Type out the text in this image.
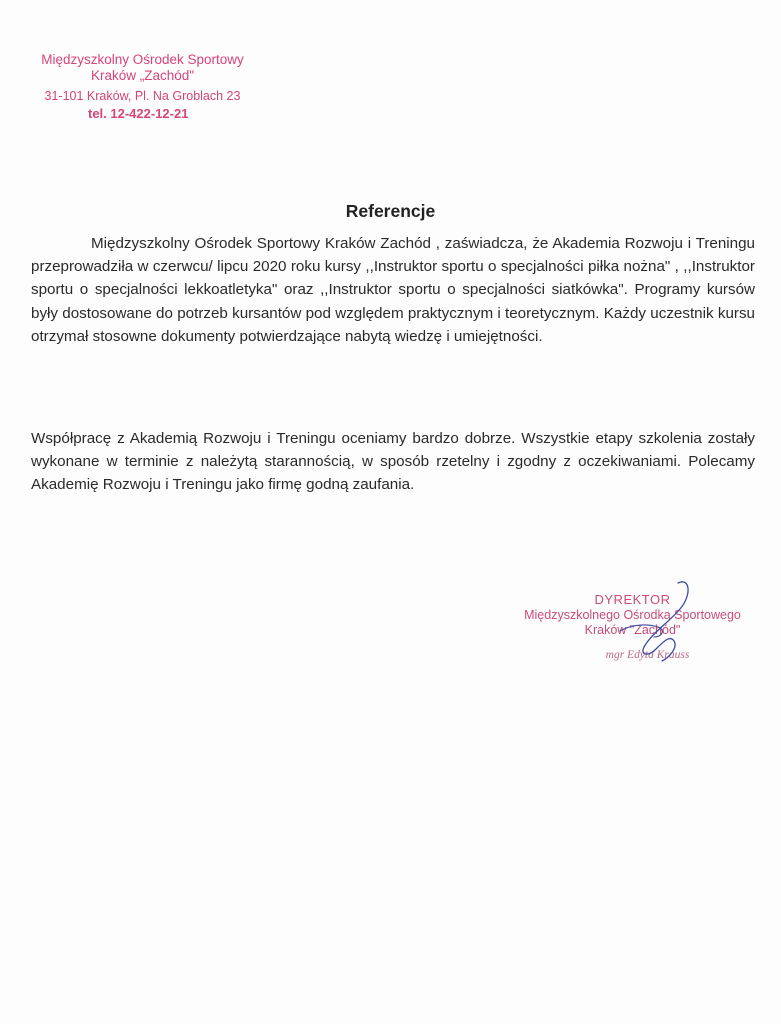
Międzyszkolny Ośrodek Sportowy
Kraków „Zachód"
31-101 Kraków, Pl. Na Groblach 23
tel. 12-422-12-21
Referencje
Międzyszkolny Ośrodek Sportowy Kraków Zachód , zaświadcza, że Akademia Rozwoju i Treningu przeprowadziła w czerwcu/ lipcu 2020 roku kursy ,,Instruktor sportu o specjalności piłka nożna" , ,,Instruktor sportu o specjalności lekkoatletyka" oraz ,,Instruktor sportu o specjalności siatkówka". Programy kursów były dostosowane do potrzeb kursantów pod względem praktycznym i teoretycznym. Każdy uczestnik kursu otrzymał stosowne dokumenty potwierdzające nabytą wiedzę i umiejętności.
Współpracę z Akademią Rozwoju i Treningu oceniamy bardzo dobrze. Wszystkie etapy szkolenia zostały wykonane w terminie z należytą starannością, w sposób rzetelny i zgodny z oczekiwaniami. Polecamy Akademię Rozwoju i Treningu jako firmę godną zaufania.
DYREKTOR
Międzyszkolnego Ośrodka Sportowego
Kraków "Zachód"
mgr Edyta Krauss
